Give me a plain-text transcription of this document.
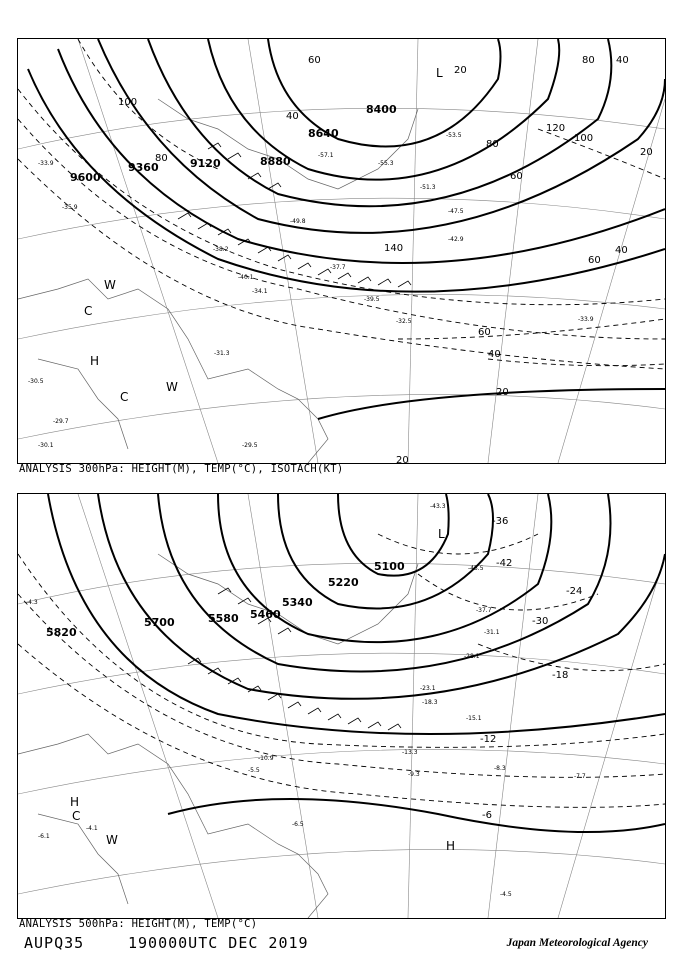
9600
9360	9120	8880
8640
8400
100
80
60
40
20
140
120
100
80
60
40
20
60
40
20
20
60
80 40
-33.9
-35.9
-38.2
-40.1
-37.7
-34.1
-31.3
-30.5
-29.7
-30.1	-29.5
-39.5
-32.5
-51.3
-53.5
-55.3
-57.1
-47.5
-49.8
-42.9
-33.9
H
L
C
C
W
W
ANALYSIS 300hPa: HEIGHT(M), TEMP(°C), ISOTACH(KT)
5820
5700	5580 5460
5340
5220
5100	-42
-36
-30
-24
-18
-12
-6
-43.3
-45.5
-37.7
-31.1
-28.1
-23.1
-18.3
-15.1
-13.3
-10.9
-9.3
-8.3
-7.7
-6.5
-4.5
-4.3
-4.1
-5.5
-6.1
H
H
L
C
W
ANALYSIS 500hPa: HEIGHT(M), TEMP(°C)
AUPQ35	190000UTC DEC 2019	Japan Meteorological Agency
